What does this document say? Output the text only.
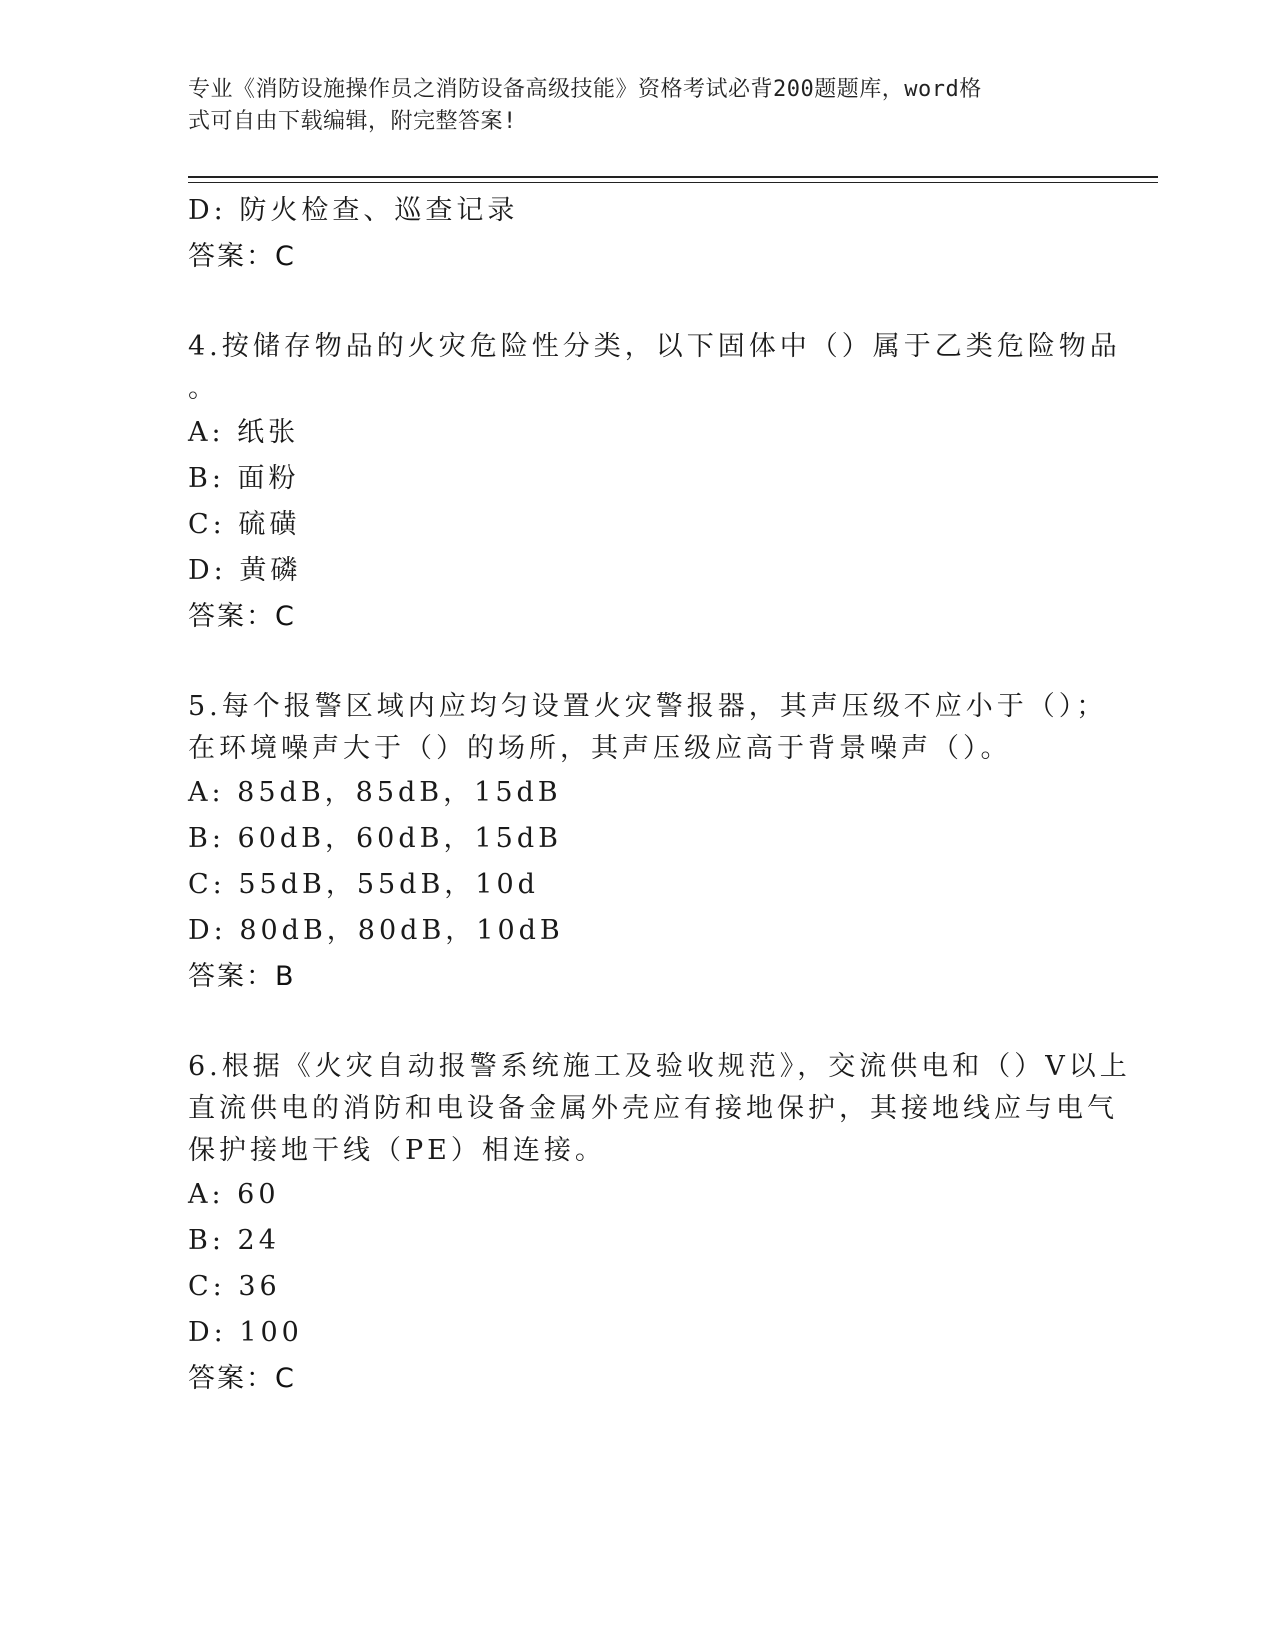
专业《消防设施操作员之消防设备高级技能》资格考试必背200题题库，word格
式可自由下载编辑，附完整答案!
D: 防火检查、巡查记录
答案：C
4.按储存物品的火灾危险性分类，以下固体中（）属于乙类危险物品
。
A: 纸张
B: 面粉
C: 硫磺
D: 黄磷
答案：C
5.每个报警区域内应均匀设置火灾警报器，其声压级不应小于（）；
在环境噪声大于（）的场所，其声压级应高于背景噪声（）。
A: 85dB，85dB，15dB
B: 60dB，60dB，15dB
C: 55dB，55dB，10d
D: 80dB，80dB，10dB
答案：B
6.根据《火灾自动报警系统施工及验收规范》，交流供电和（）V以上
直流供电的消防和电设备金属外壳应有接地保护，其接地线应与电气
保护接地干线（PE）相连接。
A: 60
B: 24
C: 36
D: 100
答案：C
